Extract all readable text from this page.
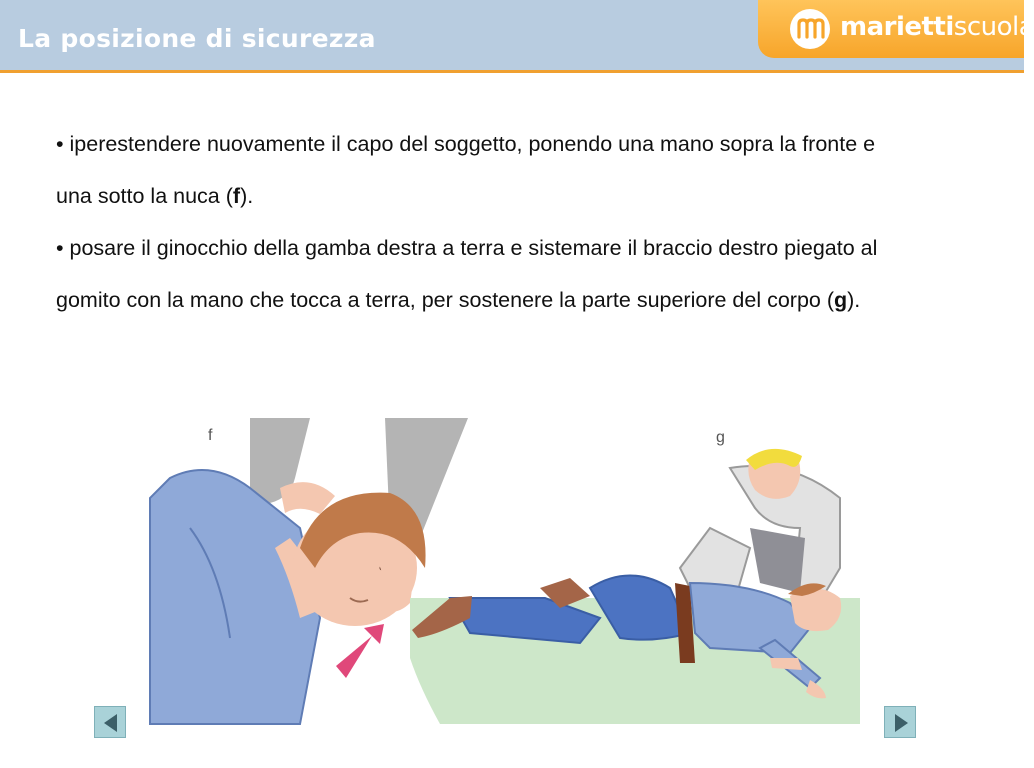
La posizione di sicurezza	mariettiscuola

• iperestendere nuovamente il capo del soggetto, ponendo una mano sopra la fronte e una sotto la nuca (f).

• posare il ginocchio della gamba destra a terra e sistemare il braccio destro piegato al gomito con la mano che tocca a terra, per sostenere la parte superiore del corpo (g).

f	g
